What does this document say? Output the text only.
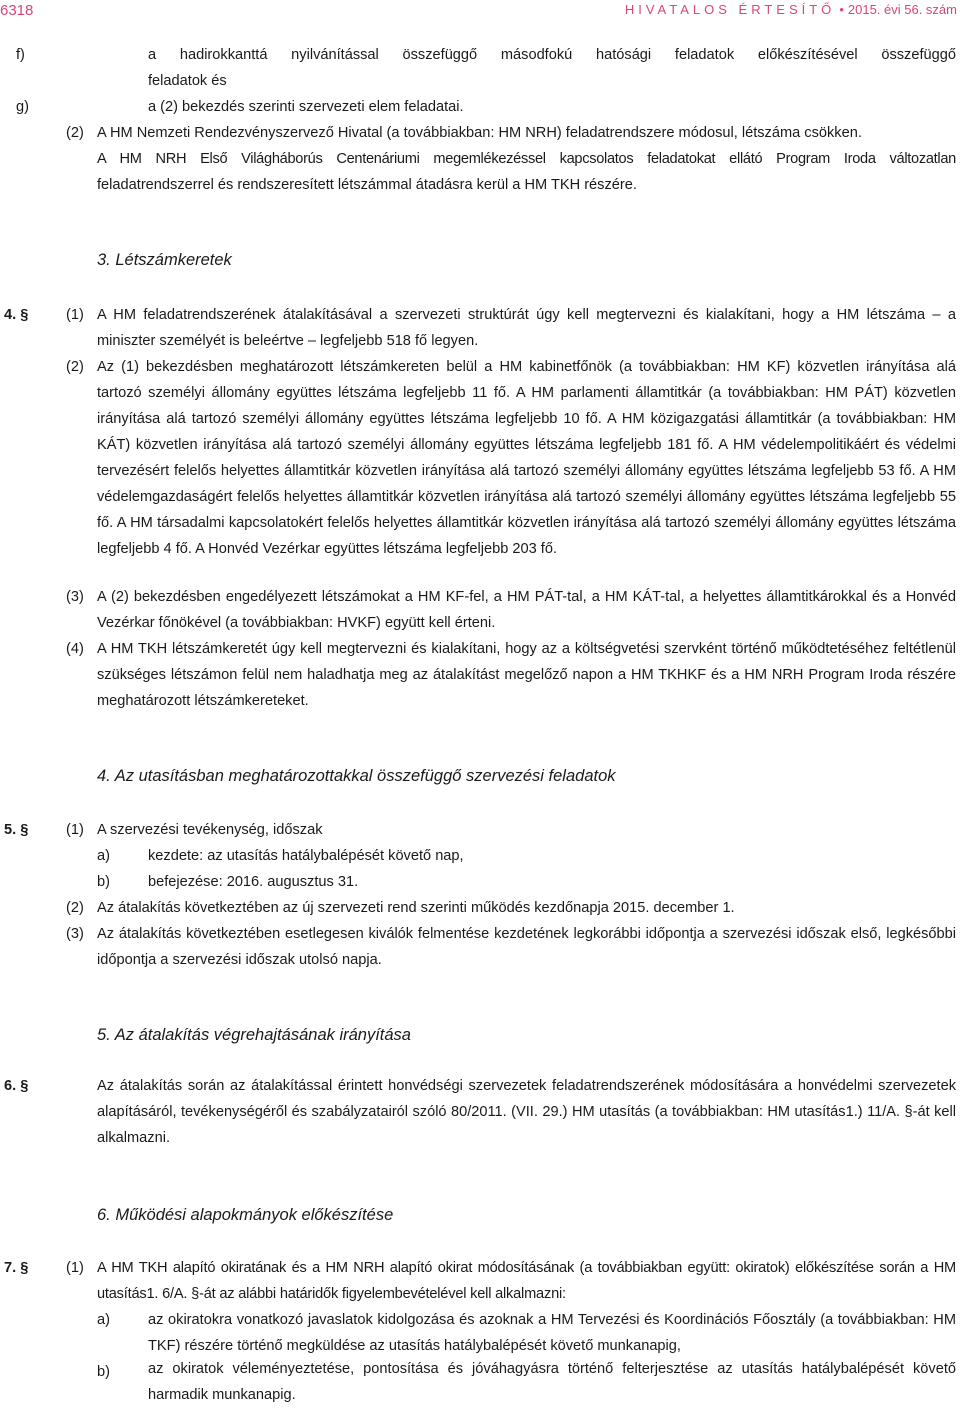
6318	HIVATALOS ÉRTESÍTŐ • 2015. évi 56. szám
f)	a hadirokkanttá nyilvánítással összefüggő másodfokú hatósági feladatok előkészítésével összefüggő
feladatok és
g)	a (2) bekezdés szerinti szervezeti elem feladatai.
(2) A HM Nemzeti Rendezvényszervező Hivatal (a továbbiakban: HM NRH) feladatrendszere módosul, létszáma csökken.
A HM NRH Első Világháborús Centenáriumi megemlékezéssel kapcsolatos feladatokat ellátó Program Iroda változatlan
feladatrendszerrel és rendszeresített létszámmal átadásra kerül a HM TKH részére.
3. Létszámkeretek
4. §	(1) A HM feladatrendszerének átalakításával a szervezeti struktúrát úgy kell megtervezni és kialakítani, hogy a HM létszáma – a miniszter személyét is beleértve – legfeljebb 518 fő legyen.
(2) Az (1) bekezdésben meghatározott létszámkereten belül a HM kabinetfőnök (a továbbiakban: HM KF) közvetlen irányítása alá tartozó személyi állomány együttes létszáma legfeljebb 11 fő. A HM parlamenti államtitkár (a továbbiakban: HM PÁT) közvetlen irányítása alá tartozó személyi állomány együttes létszáma legfeljebb 10 fő. A HM közigazgatási államtitkár (a továbbiakban: HM KÁT) közvetlen irányítása alá tartozó személyi állomány együttes létszáma legfeljebb 181 fő. A HM védelempolitikáért és védelmi tervezésért felelős helyettes államtitkár közvetlen irányítása alá tartozó személyi állomány együttes létszáma legfeljebb 53 fő. A HM védelemgazdaságért felelős helyettes államtitkár közvetlen irányítása alá tartozó személyi állomány együttes létszáma legfeljebb 55 fő. A HM társadalmi kapcsolatokért felelős helyettes államtitkár közvetlen irányítása alá tartozó személyi állomány együttes létszáma legfeljebb 4 fő. A Honvéd Vezérkar együttes létszáma legfeljebb 203 fő.
(3) A (2) bekezdésben engedélyezett létszámokat a HM KF-fel, a HM PÁT-tal, a HM KÁT-tal, a helyettes államtitkárokkal és a Honvéd Vezérkar főnökével (a továbbiakban: HVKF) együtt kell érteni.
(4) A HM TKH létszámkeretét úgy kell megtervezni és kialakítani, hogy az a költségvetési szervként történő működtetéséhez feltétlenül szükséges létszámon felül nem haladhatja meg az átalakítást megelőző napon a HM TKHKF és a HM NRH Program Iroda részére meghatározott létszámkereteket.
4. Az utasításban meghatározottakkal összefüggő szervezési feladatok
5. §	(1) A szervezési tevékenység, időszak
a)	kezdete: az utasítás hatálybalépését követő nap,
b)	befejezése: 2016. augusztus 31.
(2) Az átalakítás következtében az új szervezeti rend szerinti működés kezdőnapja 2015. december 1.
(3) Az átalakítás következtében esetlegesen kiválók felmentése kezdetének legkorábbi időpontja a szervezési időszak első, legkésőbbi időpontja a szervezési időszak utolsó napja.
5. Az átalakítás végrehajtásának irányítása
6. §	Az átalakítás során az átalakítással érintett honvédségi szervezetek feladatrendszerének módosítására a honvédelmi szervezetek alapításáról, tevékenységéről és szabályzatairól szóló 80/2011. (VII. 29.) HM utasítás (a továbbiakban: HM utasítás1.) 11/A. §-át kell alkalmazni.
6. Működési alapokmányok előkészítése
7. §	(1) A HM TKH alapító okiratának és a HM NRH alapító okirat módosításának (a továbbiakban együtt: okiratok) előkészítése során a HM utasítás1. 6/A. §-át az alábbi határidők figyelembevételével kell alkalmazni:
a)	az okiratokra vonatkozó javaslatok kidolgozása és azoknak a HM Tervezési és Koordinációs Főosztály (a továbbiakban: HM TKF) részére történő megküldése az utasítás hatálybalépését követő munkanapig,
b)	az okiratok véleményeztetése, pontosítása és jóváhagyásra történő felterjesztése az utasítás hatálybalépését követő harmadik munkanapig.
